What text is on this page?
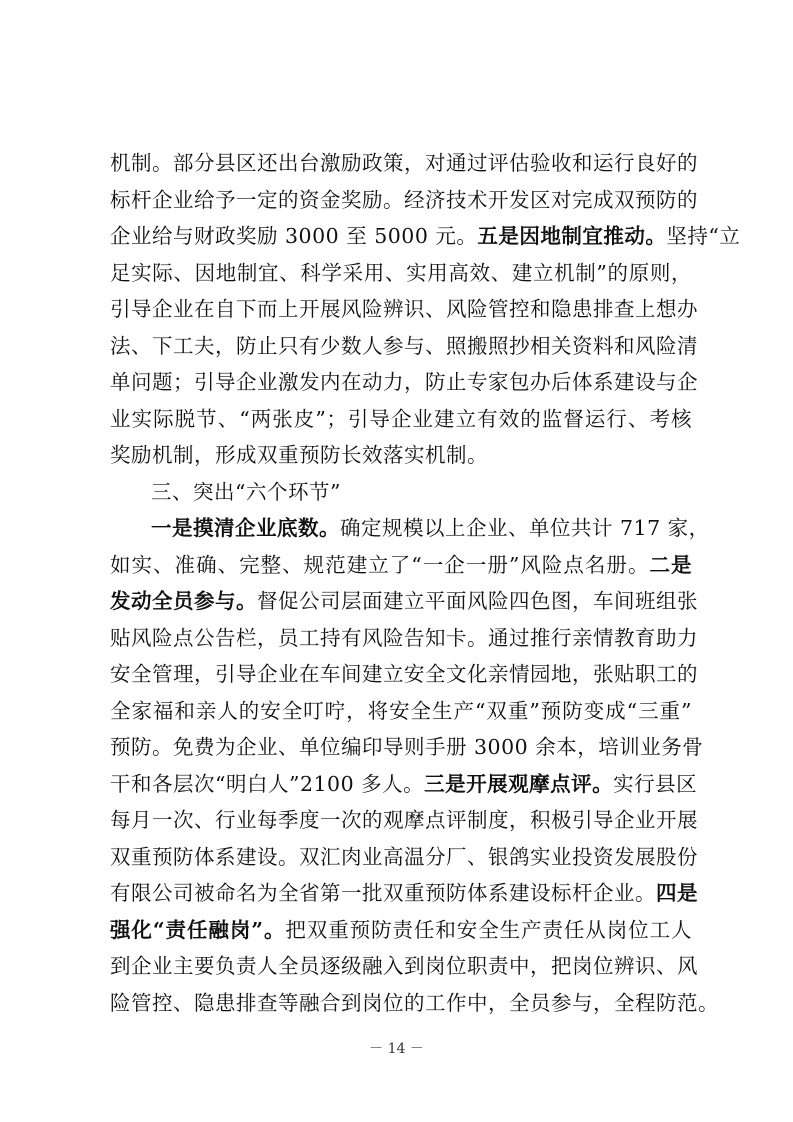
机制。部分县区还出台激励政策，对通过评估验收和运行良好的
标杆企业给予一定的资金奖励。经济技术开发区对完成双预防的
企业给与财政奖励 3000 至 5000 元。五是因地制宜推动。坚持“立
足实际、因地制宜、科学采用、实用高效、建立机制”的原则，
引导企业在自下而上开展风险辨识、风险管控和隐患排查上想办
法、下工夫，防止只有少数人参与、照搬照抄相关资料和风险清
单问题；引导企业激发内在动力，防止专家包办后体系建设与企
业实际脱节、“两张皮”；引导企业建立有效的监督运行、考核
奖励机制，形成双重预防长效落实机制。
三、突出“六个环节”
一是摸清企业底数。确定规模以上企业、单位共计 717 家，
如实、准确、完整、规范建立了“一企一册”风险点名册。二是
发动全员参与。督促公司层面建立平面风险四色图，车间班组张
贴风险点公告栏，员工持有风险告知卡。通过推行亲情教育助力
安全管理，引导企业在车间建立安全文化亲情园地，张贴职工的
全家福和亲人的安全叮咛，将安全生产“双重”预防变成“三重”
预防。免费为企业、单位编印导则手册 3000 余本，培训业务骨
干和各层次“明白人”2100 多人。三是开展观摩点评。实行县区
每月一次、行业每季度一次的观摩点评制度，积极引导企业开展
双重预防体系建设。双汇肉业高温分厂、银鸽实业投资发展股份
有限公司被命名为全省第一批双重预防体系建设标杆企业。四是
强化“责任融岗”。把双重预防责任和安全生产责任从岗位工人
到企业主要负责人全员逐级融入到岗位职责中，把岗位辨识、风
险管控、隐患排查等融合到岗位的工作中，全员参与，全程防范。
－ 14 －
